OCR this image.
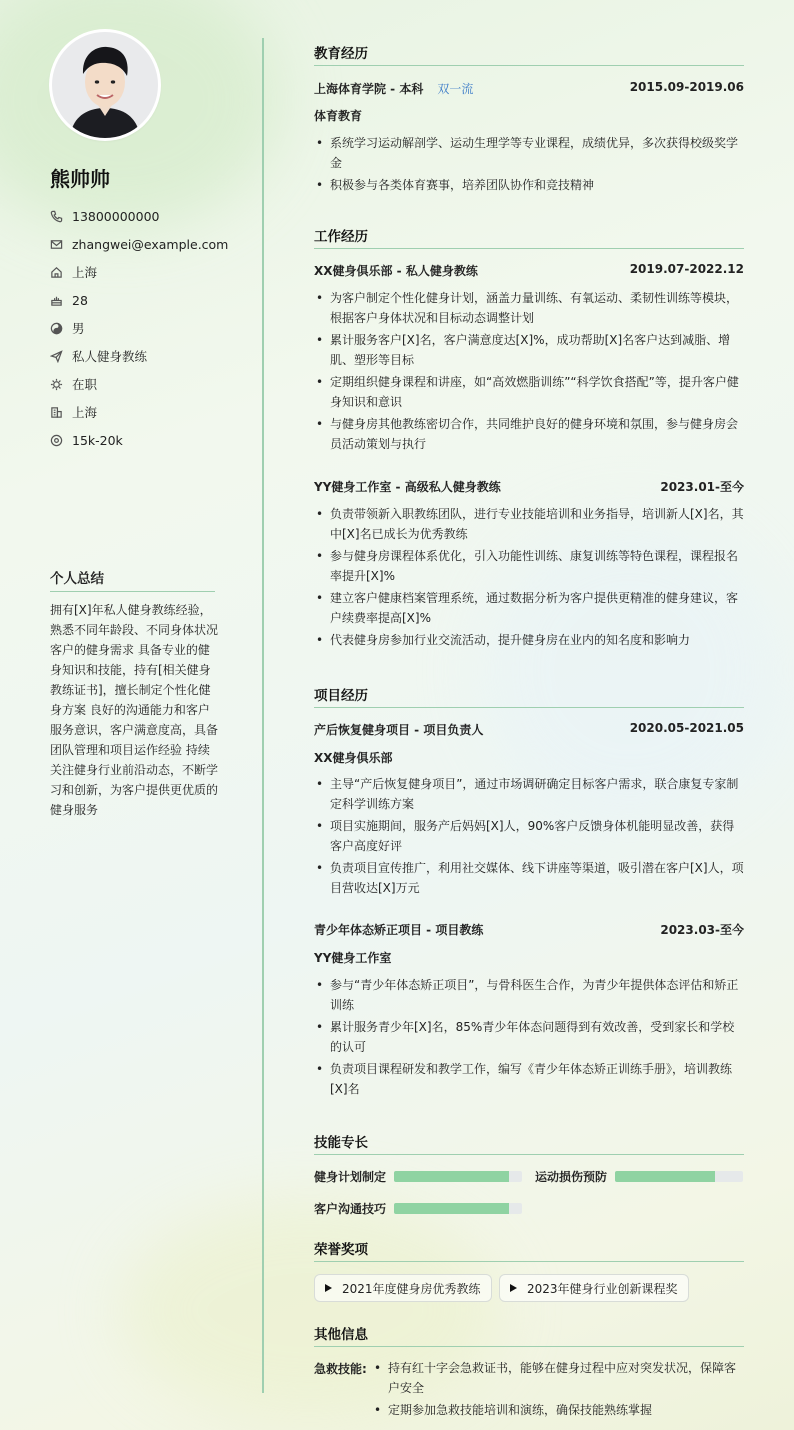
熊帅帅
13800000000
zhangwei@example.com
上海
28
男
私人健身教练
在职
上海
15k-20k
个人总结
拥有[X]年私人健身教练经验，熟悉不同年龄段、不同身体状况客户的健身需求 具备专业的健身知识和技能，持有[相关健身教练证书]，擅长制定个性化健身方案 良好的沟通能力和客户服务意识，客户满意度高，具备团队管理和项目运作经验 持续关注健身行业前沿动态，不断学习和创新，为客户提供更优质的健身服务
教育经历
上海体育学院 - 本科 双一流	2015.09-2019.06
体育教育
• 系统学习运动解剖学、运动生理学等专业课程，成绩优异，多次获得校级奖学金
• 积极参与各类体育赛事，培养团队协作和竞技精神
工作经历
XX健身俱乐部 - 私人健身教练	2019.07-2022.12
• 为客户制定个性化健身计划，涵盖力量训练、有氧运动、柔韧性训练等模块，根据客户身体状况和目标动态调整计划
• 累计服务客户[X]名，客户满意度达[X]%，成功帮助[X]名客户达到减脂、增肌、塑形等目标
• 定期组织健身课程和讲座，如“高效燃脂训练”“科学饮食搭配”等，提升客户健身知识和意识
• 与健身房其他教练密切合作，共同维护良好的健身环境和氛围，参与健身房会员活动策划与执行
YY健身工作室 - 高级私人健身教练	2023.01-至今
• 负责带领新入职教练团队，进行专业技能培训和业务指导，培训新人[X]名，其中[X]名已成长为优秀教练
• 参与健身房课程体系优化，引入功能性训练、康复训练等特色课程，课程报名率提升[X]%
• 建立客户健康档案管理系统，通过数据分析为客户提供更精准的健身建议，客户续费率提高[X]%
• 代表健身房参加行业交流活动，提升健身房在业内的知名度和影响力
项目经历
产后恢复健身项目 - 项目负责人	2020.05-2021.05
XX健身俱乐部
• 主导“产后恢复健身项目”，通过市场调研确定目标客户需求，联合康复专家制定科学训练方案
• 项目实施期间，服务产后妈妈[X]人，90%客户反馈身体机能明显改善，获得客户高度好评
• 负责项目宣传推广，利用社交媒体、线下讲座等渠道，吸引潜在客户[X]人，项目营收达[X]万元
青少年体态矫正项目 - 项目教练	2023.03-至今
YY健身工作室
• 参与“青少年体态矫正项目”，与骨科医生合作，为青少年提供体态评估和矫正训练
• 累计服务青少年[X]名，85%青少年体态问题得到有效改善，受到家长和学校的认可
• 负责项目课程研发和教学工作，编写《青少年体态矫正训练手册》，培训教练[X]名
技能专长
健身计划制定	运动损伤预防
客户沟通技巧
荣誉奖项
2021年度健身房优秀教练	2023年健身行业创新课程奖
其他信息
急救技能:
•	持有红十字会急救证书，能够在健身过程中应对突发状况，保障客户安全
• 定期参加急救技能培训和演练，确保技能熟练掌握
